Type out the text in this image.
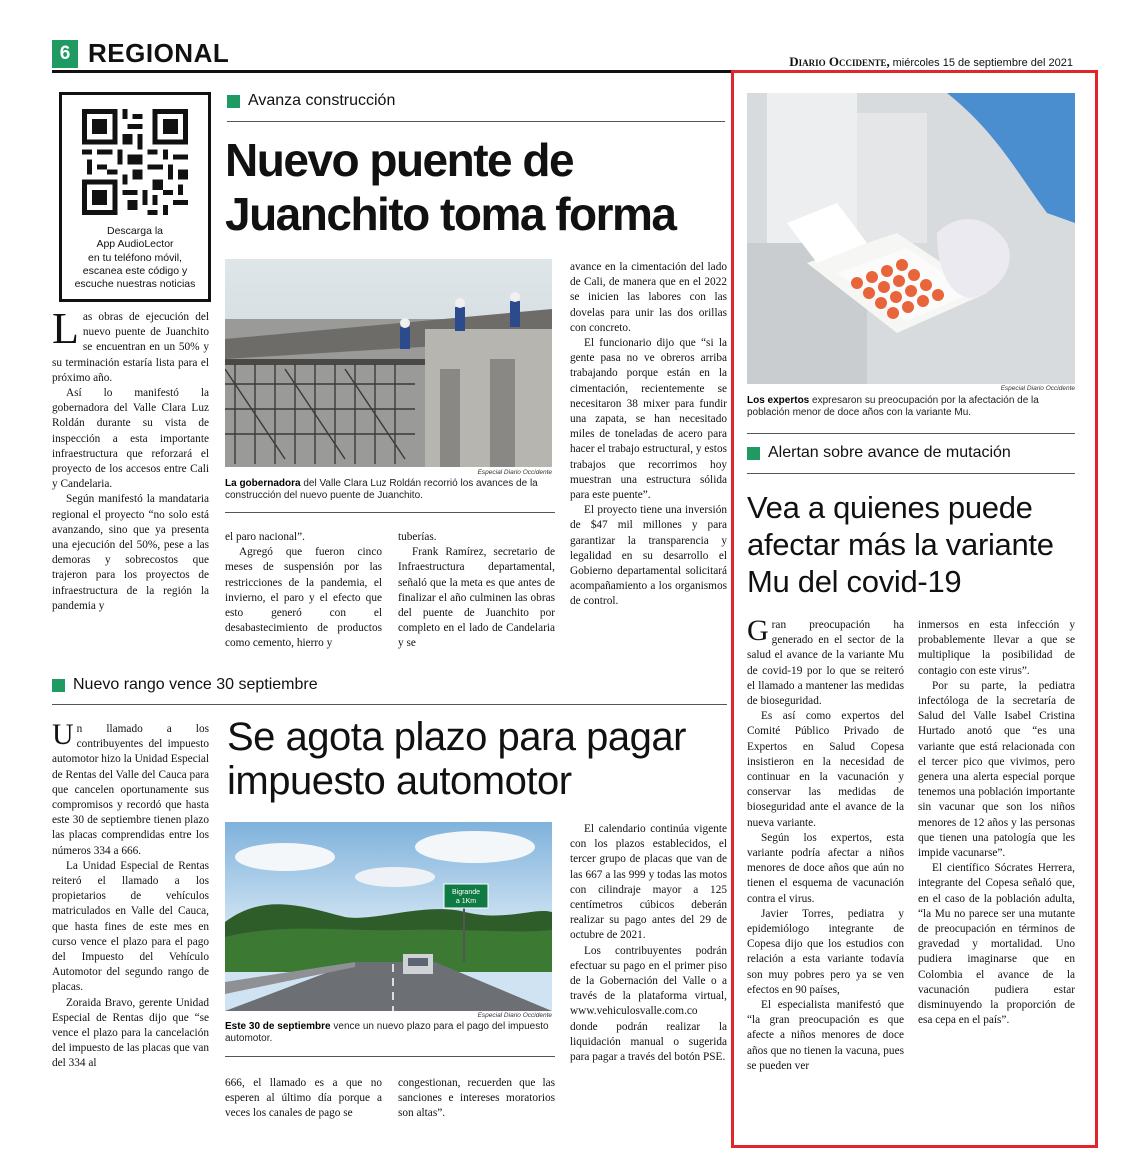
6 REGIONAL	Diario Occidente, miércoles 15 de septiembre del 2021
Descarga la
App AudioLector
en tu teléfono móvil,
escanea este código y
escuche nuestras noticias
Avanza construcción
Nuevo puente de
Juanchito toma forma
Especial Diario Occidente
La gobernadora del Valle Clara Luz Roldán recorrió los avances de la construcción del nuevo puente de Juanchito.

Las obras de ejecución del nuevo puente de Juanchito se encuentran en un 50% y su terminación estaría lista para el próximo año.

Así lo manifestó la gobernadora del Valle Clara Luz Roldán durante su vista de inspección a esta importante infraestructura que reforzará el proyecto de los accesos entre Cali y Candelaria.

Según manifestó la mandataria regional el proyecto “no solo está avanzando, sino que ya presenta una ejecución del 50%, pese a las demoras y sobrecostos que trajeron para los proyectos de infraestructura de la región la pandemia y

el paro nacional”.

Agregó que fueron cinco meses de suspensión por las restricciones de la pandemia, el invierno, el paro y el efecto que esto generó con el desabastecimiento de productos como cemento, hierro y

tuberías.

Frank Ramírez, secretario de Infraestructura departamental, señaló que la meta es que antes de finalizar el año culminen las obras del puente de Juanchito por completo en el lado de Candelaria y se

avance en la cimentación del lado de Cali, de manera que en el 2022 se inicien las labores con las dovelas para unir las dos orillas con concreto.

El funcionario dijo que “si la gente pasa no ve obreros arriba trabajando porque están en la cimentación, recientemente se necesitaron 38 mixer para fundir una zapata, se han necesitado miles de toneladas de acero para hacer el trabajo estructural, y estos trabajos que recorrimos hoy muestran una estructura sólida para este puente”.

El proyecto tiene una inversión de $47 mil millones y para garantizar la transparencia y legalidad en su desarrollo el Gobierno departamental solicitará acompañamiento a los organismos de control.

Nuevo rango vence 30 septiembre
Se agota plazo para pagar
impuesto automotor
Bigrande
a 1Km
Especial Diario Occidente
Este 30 de septiembre vence un nuevo plazo para el pago del impuesto automotor.

Un llamado a los contribuyentes del impuesto automotor hizo la Unidad Especial de Rentas del Valle del Cauca para que cancelen oportunamente sus compromisos y recordó que hasta este 30 de septiembre tienen plazo las placas comprendidas entre los números 334 a 666.

La Unidad Especial de Rentas reiteró el llamado a los propietarios de vehículos matriculados en Valle del Cauca, que hasta fines de este mes en curso vence el plazo para el pago del Impuesto del Vehículo Automotor del segundo rango de placas.

Zoraida Bravo, gerente Unidad Especial de Rentas dijo que “se vence el plazo para la cancelación del impuesto de las placas que van del 334 al

666, el llamado es a que no esperen al último día porque a veces los canales de pago se

congestionan, recuerden que las sanciones e intereses moratorios son altas”.

El calendario continúa vigente con los plazos establecidos, el tercer grupo de placas que van de las 667 a las 999 y todas las motos con cilindraje mayor a 125 centímetros cúbicos deberán realizar su pago antes del 29 de octubre de 2021.

Los contribuyentes podrán efectuar su pago en el primer piso de la Gobernación del Valle o a través de la plataforma virtual, www.vehiculosvalle.com.co donde podrán realizar la liquidación manual o sugerida para pagar a través del botón PSE.

Especial Diario Occidente
Los expertos expresaron su preocupación por la afectación de la población menor de doce años con la variante Mu.
Alertan sobre avance de mutación
Vea a quienes puede
afectar más la variante
Mu del covid-19

Gran preocupación ha generado en el sector de la salud el avance de la variante Mu de covid-19 por lo que se reiteró el llamado a mantener las medidas de bioseguridad.

Es así como expertos del Comité Público Privado de Expertos en Salud Copesa insistieron en la necesidad de continuar en la vacunación y conservar las medidas de bioseguridad ante el avance de la nueva variante.

Según los expertos, esta variante podría afectar a niños menores de doce años que aún no tienen el esquema de vacunación contra el virus.

Javier Torres, pediatra y epidemiólogo integrante de Copesa dijo que los estudios con relación a esta variante todavía son muy pobres pero ya se ven efectos en 90 países,

El especialista manifestó que “la gran preocupación es que afecte a niños menores de doce años que no tienen la vacuna, pues se pueden ver

inmersos en esta infección y probablemente llevar a que se multiplique la posibilidad de contagio con este virus”.

Por su parte, la pediatra infectóloga de la secretaría de Salud del Valle Isabel Cristina Hurtado anotó que “es una variante que está relacionada con el tercer pico que vivimos, pero genera una alerta especial porque tenemos una población importante sin vacunar que son los niños menores de 12 años y las personas que tienen una patología que les impide vacunarse”.

El científico Sócrates Herrera, integrante del Copesa señaló que, en el caso de la población adulta, “la Mu no parece ser una mutante de preocupación en términos de gravedad y mortalidad. Uno pudiera imaginarse que en Colombia el avance de la vacunación pudiera estar disminuyendo la proporción de esa cepa en el país”.
